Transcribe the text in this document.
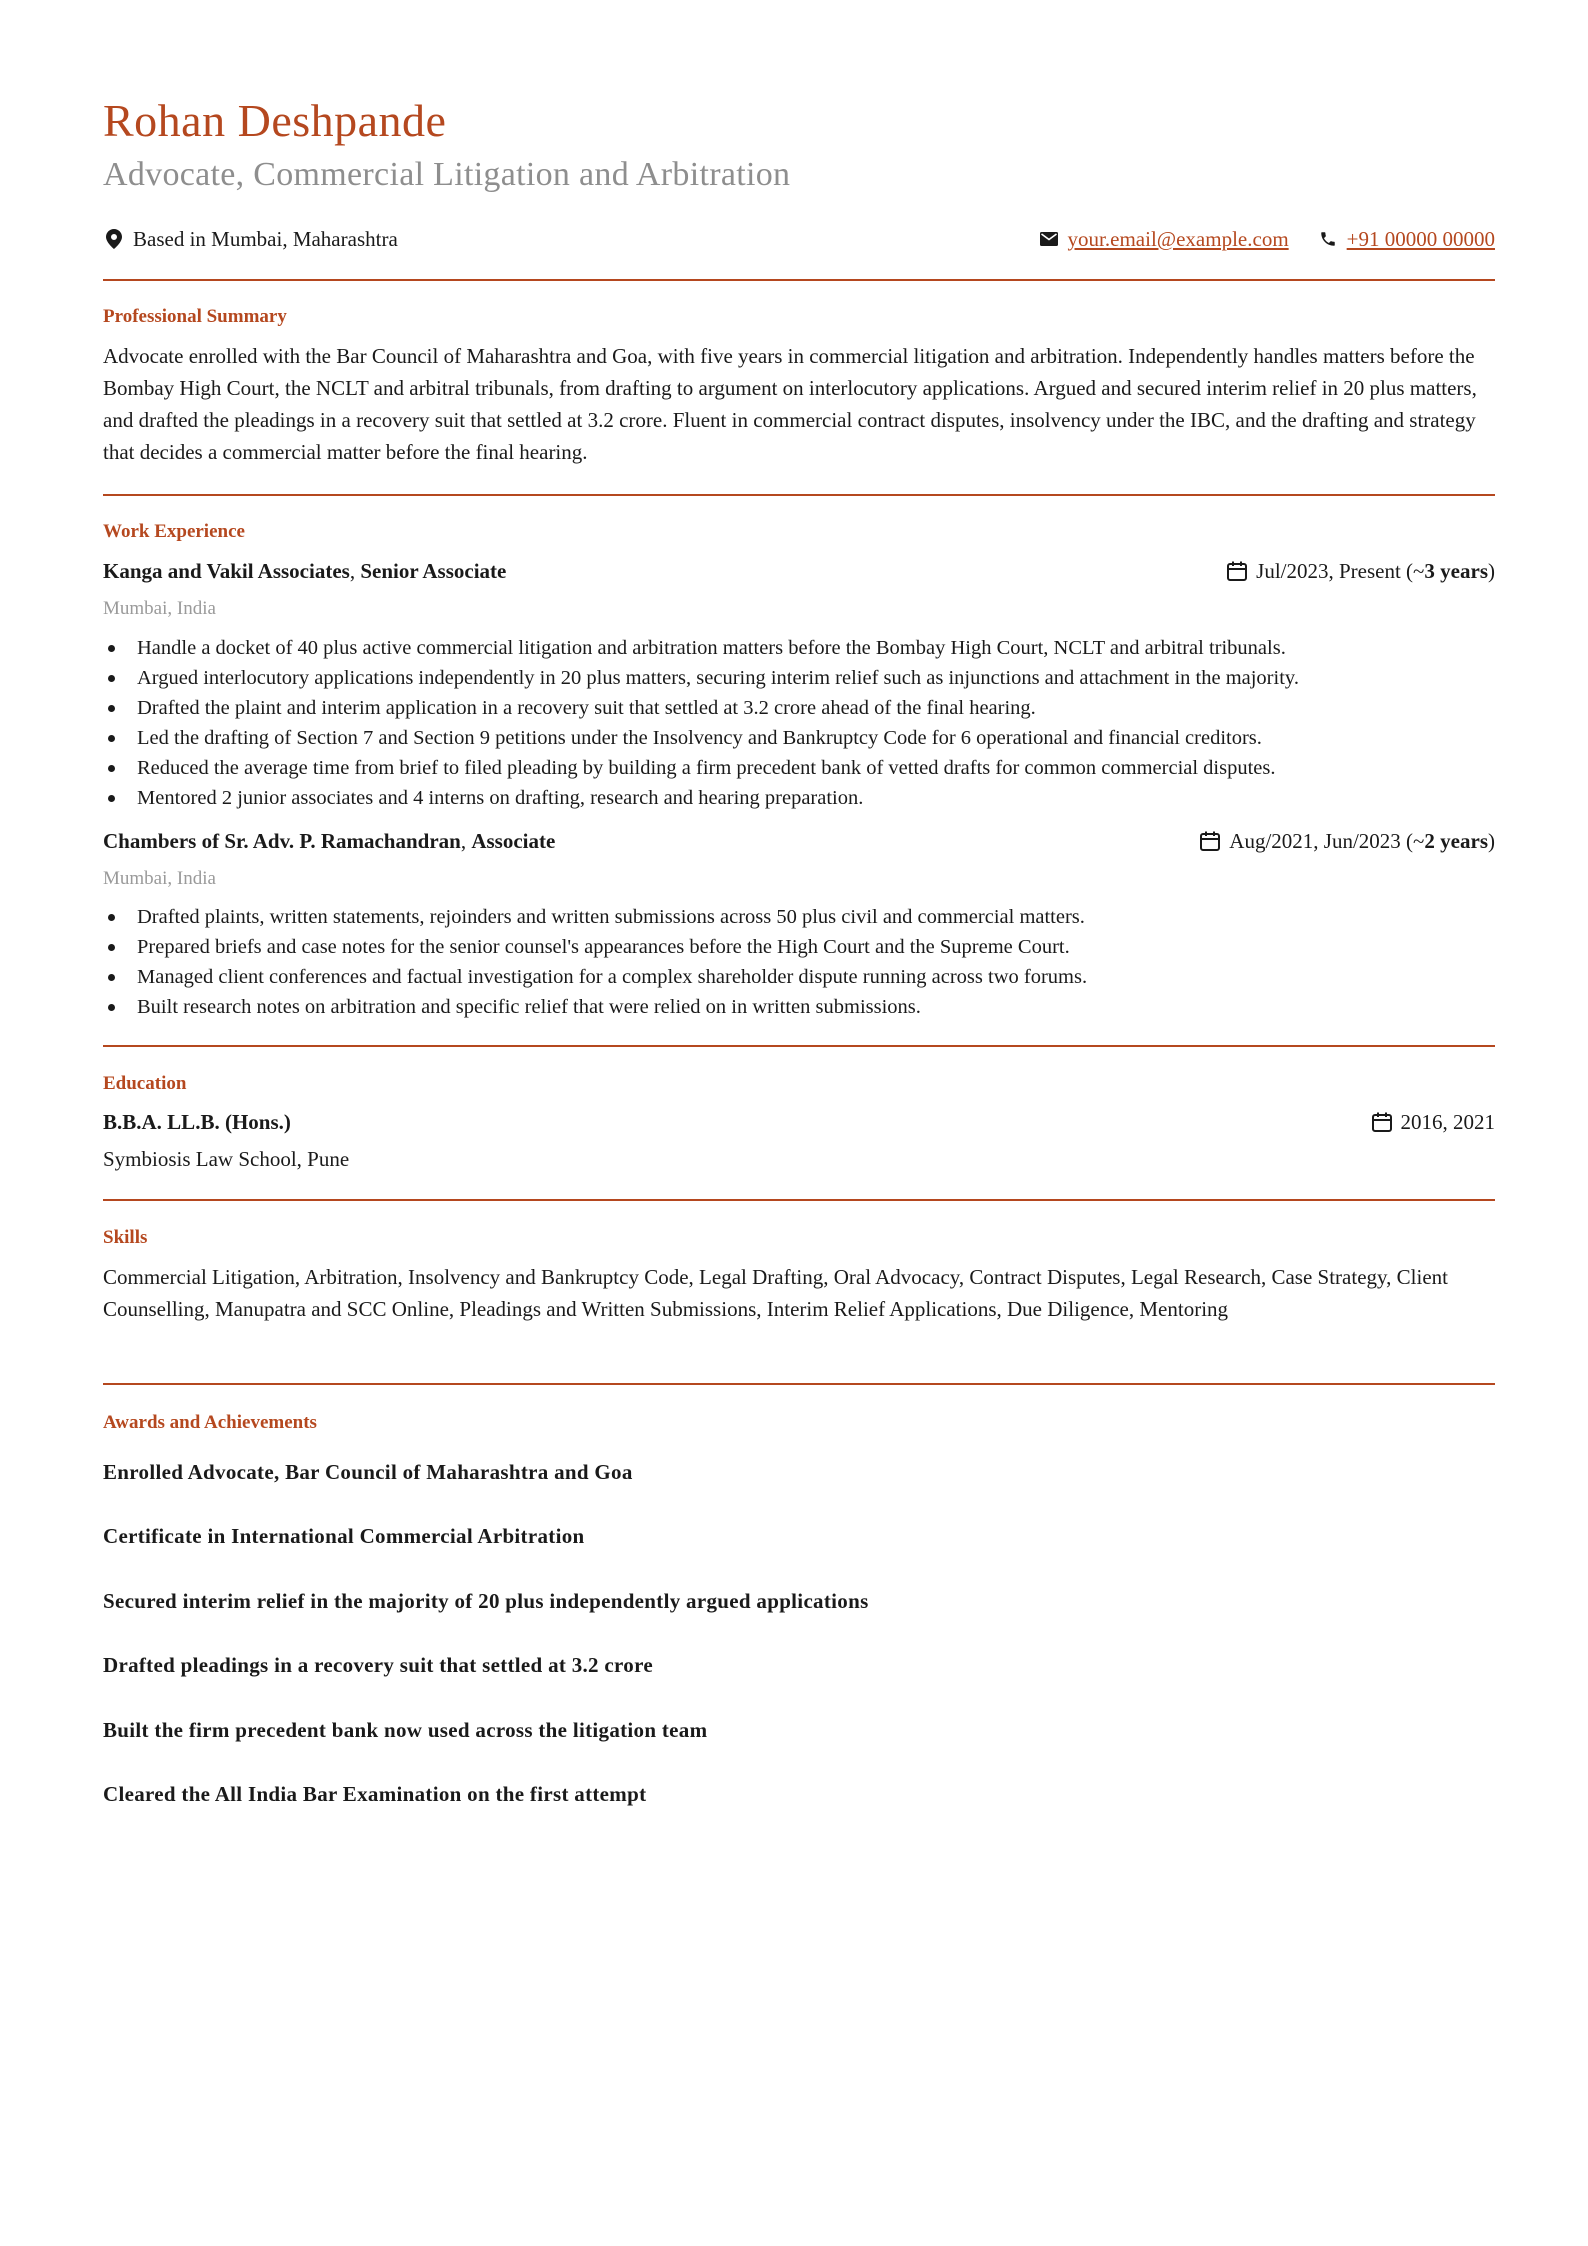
Rohan Deshpande
Advocate, Commercial Litigation and Arbitration
Based in Mumbai, Maharashtra	your.email@example.com	+91 00000 00000
Professional Summary
Advocate enrolled with the Bar Council of Maharashtra and Goa, with five years in commercial litigation and arbitration. Independently handles matters before the Bombay High Court, the NCLT and arbitral tribunals, from drafting to argument on interlocutory applications. Argued and secured interim relief in 20 plus matters, and drafted the pleadings in a recovery suit that settled at 3.2 crore. Fluent in commercial contract disputes, insolvency under the IBC, and the drafting and strategy that decides a commercial matter before the final hearing.
Work Experience
Kanga and Vakil Associates, Senior Associate	Jul/2023, Present (~ 3 years )
Mumbai, India
Handle a docket of 40 plus active commercial litigation and arbitration matters before the Bombay High Court, NCLT and arbitral tribunals.
Argued interlocutory applications independently in 20 plus matters, securing interim relief such as injunctions and attachment in the majority.
Drafted the plaint and interim application in a recovery suit that settled at 3.2 crore ahead of the final hearing.
Led the drafting of Section 7 and Section 9 petitions under the Insolvency and Bankruptcy Code for 6 operational and financial creditors.
Reduced the average time from brief to filed pleading by building a firm precedent bank of vetted drafts for common commercial disputes.
Mentored 2 junior associates and 4 interns on drafting, research and hearing preparation.
Chambers of Sr. Adv. P. Ramachandran, Associate	Aug/2021, Jun/2023 (~ 2 years )
Mumbai, India
Drafted plaints, written statements, rejoinders and written submissions across 50 plus civil and commercial matters.
Prepared briefs and case notes for the senior counsel's appearances before the High Court and the Supreme Court.
Managed client conferences and factual investigation for a complex shareholder dispute running across two forums.
Built research notes on arbitration and specific relief that were relied on in written submissions.
Education
B.B.A. LL.B. (Hons.)	2016, 2021
Symbiosis Law School, Pune
Skills
Commercial Litigation, Arbitration, Insolvency and Bankruptcy Code, Legal Drafting, Oral Advocacy, Contract Disputes, Legal Research, Case Strategy, Client Counselling, Manupatra and SCC Online, Pleadings and Written Submissions, Interim Relief Applications, Due Diligence, Mentoring
Awards and Achievements
Enrolled Advocate, Bar Council of Maharashtra and Goa
Certificate in International Commercial Arbitration
Secured interim relief in the majority of 20 plus independently argued applications
Drafted pleadings in a recovery suit that settled at 3.2 crore
Built the firm precedent bank now used across the litigation team
Cleared the All India Bar Examination on the first attempt
